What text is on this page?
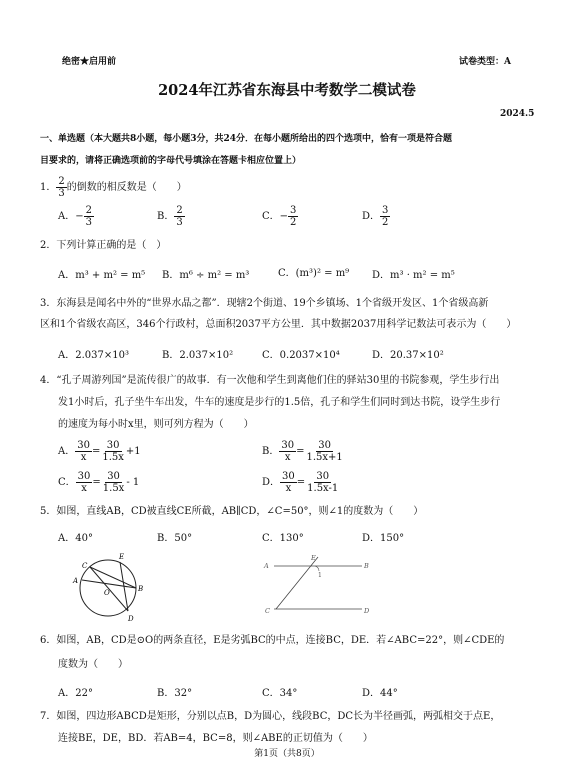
绝密★启用前	试卷类型：A
2024年江苏省东海县中考数学二模试卷
2024.5
一、单选题（本大题共8小题，每小题3分，共24分．在每小题所给出的四个选项中，恰有一项是符合题
目要求的，请将正确选项前的字母代号填涂在答题卡相应位置上）
1． $\frac{2}{3}$ 的倒数的相反数是（　　）
A．− $\frac{2}{3}$	B． $\frac{2}{3}$	C．− $\frac{3}{2}$	D． $\frac{3}{2}$
2．下列计算正确的是（　）
A．m³ + m² = m⁵ B．m⁶ ÷ m² = m³	C．(m³)² = m⁹ D．m³ · m² = m⁵
3．东海县是闻名中外的“世界水晶之都”．现辖2个街道、19个乡镇场、1个省级开发区、1个省级高新
区和1个省级农高区，346个行政村，总面积2037平方公里．其中数据2037用科学记数法可表示为（　　）
A．2.037×10³	B．2.037×10²	C．0.2037×10⁴	D．20.37×10²
4．“孔子周游列国”是流传很广的故事．有一次他和学生到离他们住的驿站30里的书院参观，学生步行出
发1小时后，孔子坐牛车出发，牛车的速度是步行的1.5倍，孔子和学生们同时到达书院，设学生步行
的速度为每小时x里，则可列方程为（　　）
A． $\frac{30}{x} = \frac{30}{1.5x} +1$	B． $\frac{30}{x} = \frac{30}{1.5x+1}$
C． $\frac{30}{x} = \frac{30}{1.5x} - 1$	D． $\frac{30}{x} = \frac{30}{1.5x-1}$
5．如图，直线AB，CD被直线CE所截，AB∥CD，∠C=50°，则∠1的度数为（　　）
A．40°	B．50°	C．130°	D．150°
C
E
A
O	B
D
A
E
B
1
C	D
6．如图，AB，CD是⊙O的两条直径，E是劣弧BC的中点，连接BC，DE．若∠ABC=22°，则∠CDE的
度数为（　　）
A．22°	B．32°	C．34°	D．44°
7．如图，四边形ABCD是矩形，分别以点B，D为圆心，线段BC，DC长为半径画弧，两弧相交于点E，
连接BE，DE，BD．若AB=4，BC=8，则∠ABE的正切值为（　　）
第1页（共8页）
